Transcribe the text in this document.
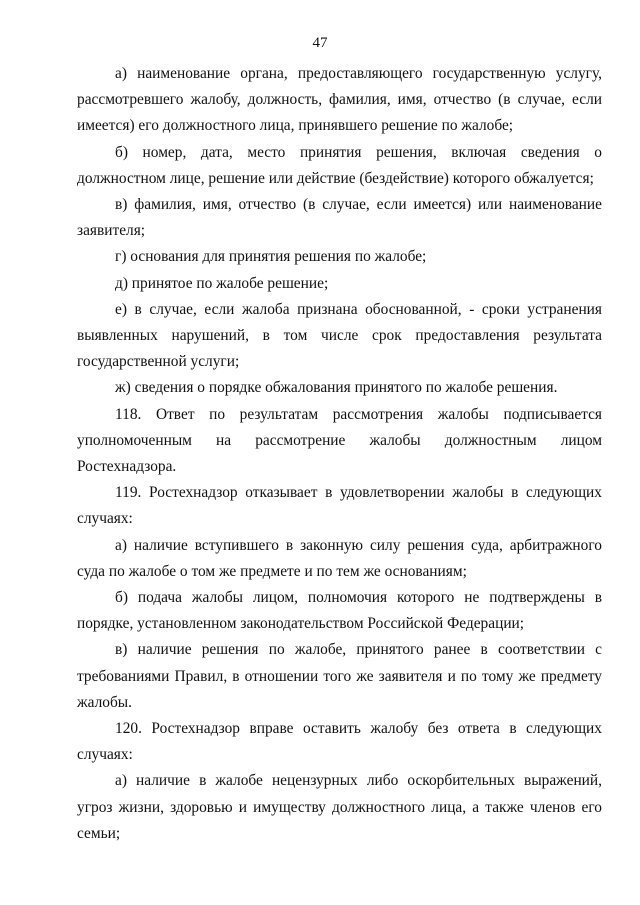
47

а) наименование органа, предоставляющего государственную услугу, рассмотревшего жалобу, должность, фамилия, имя, отчество (в случае, если имеется) его должностного лица, принявшего решение по жалобе;

б) номер, дата, место принятия решения, включая сведения о должностном лице, решение или действие (бездействие) которого обжалуется;

в) фамилия, имя, отчество (в случае, если имеется) или наименование заявителя;

г) основания для принятия решения по жалобе;

д) принятое по жалобе решение;

е) в случае, если жалоба признана обоснованной, - сроки устранения выявленных нарушений, в том числе срок предоставления результата государственной услуги;

ж) сведения о порядке обжалования принятого по жалобе решения.

118. Ответ по результатам рассмотрения жалобы подписывается уполномоченным на рассмотрение жалобы должностным лицом Ростехнадзора.

119. Ростехнадзор отказывает в удовлетворении жалобы в следующих случаях:

а) наличие вступившего в законную силу решения суда, арбитражного суда по жалобе о том же предмете и по тем же основаниям;

б) подача жалобы лицом, полномочия которого не подтверждены в порядке, установленном законодательством Российской Федерации;

в) наличие решения по жалобе, принятого ранее в соответствии с требованиями Правил, в отношении того же заявителя и по тому же предмету жалобы.

120. Ростехнадзор вправе оставить жалобу без ответа в следующих случаях:

а) наличие в жалобе нецензурных либо оскорбительных выражений, угроз жизни, здоровью и имуществу должностного лица, а также членов его семьи;
